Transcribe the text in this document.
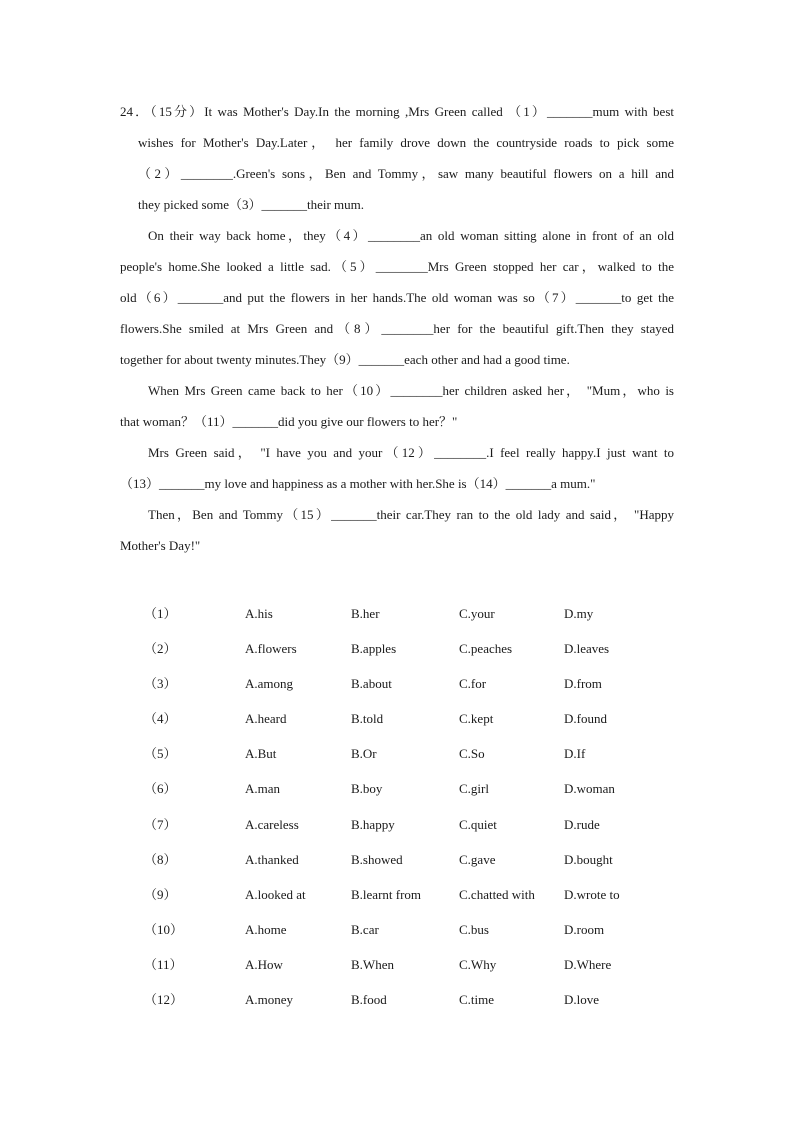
24．（15分）It was Mother's Day.In the morning ,Mrs Green called （1）_______mum with best
wishes for Mother's Day.Later， her family drove down the countryside roads to pick some
（2）________.Green's sons，Ben and Tommy，saw many beautiful flowers on a hill and
they picked some（3）_______their mum.
On their way back home，they（4）________an old woman sitting alone in front of an old
people's home.She looked a little sad.（5）________Mrs Green stopped her car，walked to the
old（6）_______and put the flowers in her hands.The old woman was so（7）_______to get the
flowers.She smiled at Mrs Green and（8）________her for the beautiful gift.Then they stayed
together for about twenty minutes.They（9）_______each other and had a good time.
When Mrs Green came back to her（10）________her children asked her， "Mum，who is
that woman？（11）_______did you give our flowers to her？"
Mrs Green said， "I have you and your（12）________.I feel really happy.I just want to
（13）_______my love and happiness as a mother with her.She is（14）_______a mum."
Then，Ben and Tommy（15）_______their car.They ran to the old lady and said， "Happy
Mother's Day!"
（1）	A.his	B.her	C.your	D.my
（2）	A.flowers	B.apples	C.peaches	D.leaves
（3）	A.among	B.about	C.for	D.from
（4）	A.heard	B.told	C.kept	D.found
（5）	A.But	B.Or	C.So	D.If
（6）	A.man	B.boy	C.girl	D.woman
（7）	A.careless	B.happy	C.quiet	D.rude
（8）	A.thanked	B.showed	C.gave	D.bought
（9）	A.looked at	B.learnt from	C.chatted with D.wrote to
（10）	A.home	B.car	C.bus	D.room
（11）	A.How	B.When	C.Why	D.Where
（12）	A.money	B.food	C.time	D.love
